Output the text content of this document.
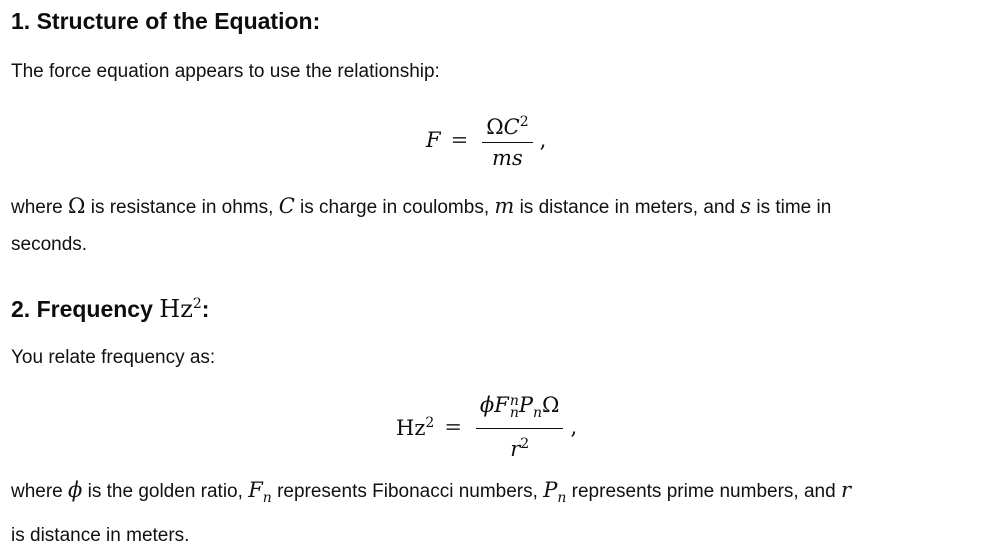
1. Structure of the Equation:

The force equation appears to use the relationship:

$F = \frac{\Omega C^2}{ms}$ ,

where Ω is resistance in ohms, C is charge in coulombs, m is distance in meters, and s is time in
seconds.

2. Frequency Hz$^2$:

You relate frequency as:

$Hz^2 = \phi F$ n
n $P_n\Omega$
$r^2$ ,

where ϕ is the golden ratio, $F_n$ represents Fibonacci numbers, $P_n$ represents prime numbers, and r
is distance in meters.
